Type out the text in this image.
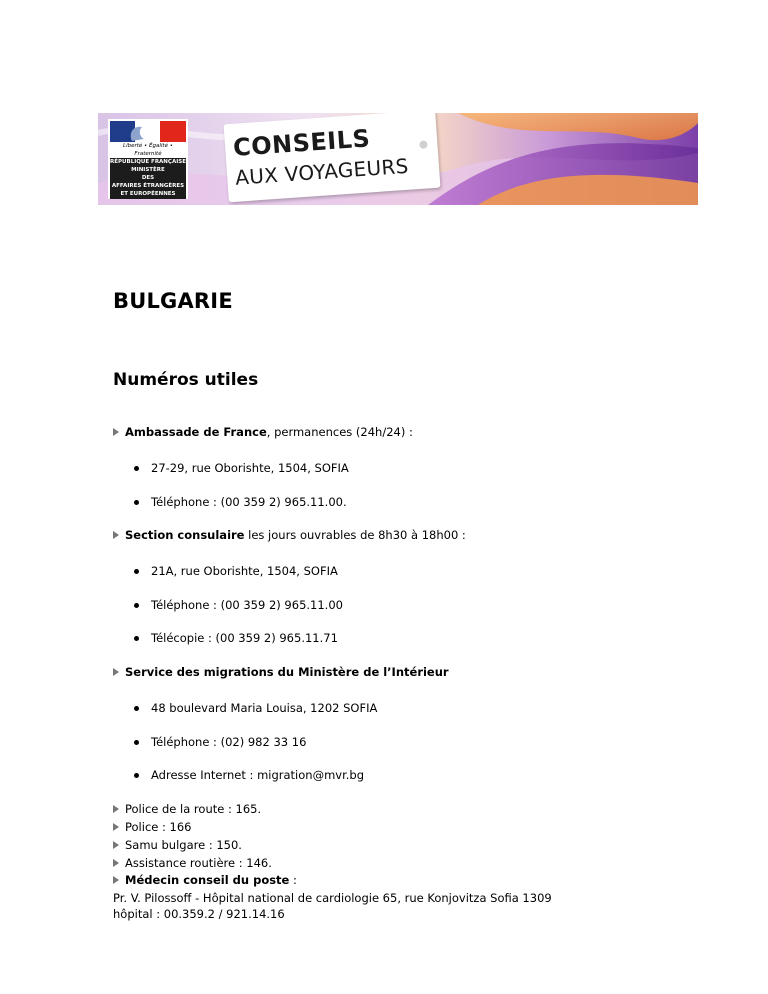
Liberté • Égalité • Fraternité
RÉPUBLIQUE FRANÇAISE
MINISTÈRE
DES
AFFAIRES ÉTRANGÈRES
ET EUROPÉENNES
CONSEILS
AUX VOYAGEURS
BULGARIE
Numéros utiles
Ambassade de France, permanences (24h/24) :
27-29, rue Oborishte, 1504, SOFIA
Téléphone : (00 359 2) 965.11.00.
Section consulaire les jours ouvrables de 8h30 à 18h00 :
21A, rue Oborishte, 1504, SOFIA
Téléphone : (00 359 2) 965.11.00
Télécopie : (00 359 2) 965.11.71
Service des migrations du Ministère de l’Intérieur
48 boulevard Maria Louisa, 1202 SOFIA
Téléphone : (02) 982 33 16
Adresse Internet : migration@mvr.bg
Police de la route : 165.
Police : 166
Samu bulgare : 150.
Assistance routière : 146.
Médecin conseil du poste :
Pr. V. Pilossoff - Hôpital national de cardiologie 65, rue Konjovitza Sofia 1309
hôpital : 00.359.2 / 921.14.16
